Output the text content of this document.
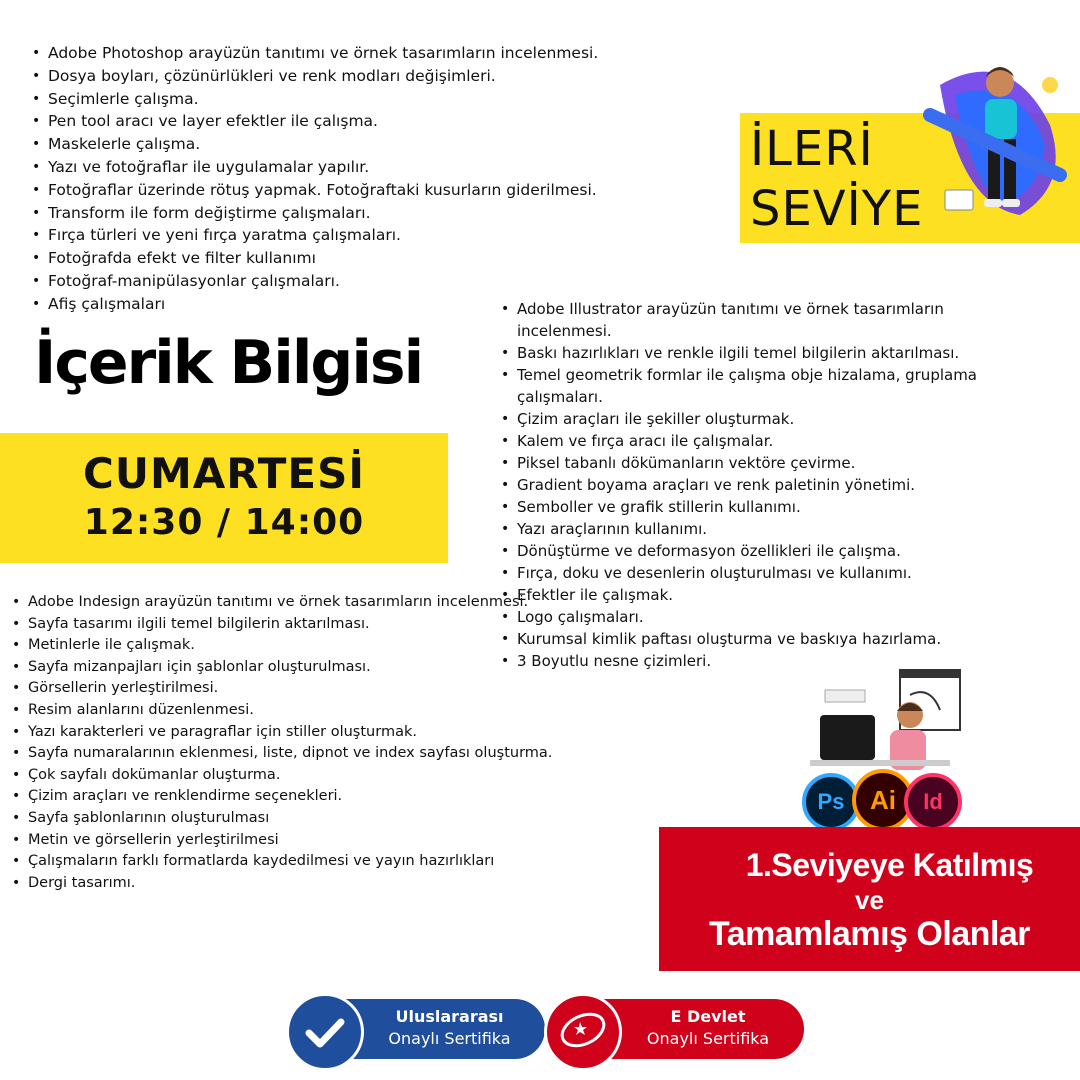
• Adobe Photoshop arayüzün tanıtımı ve örnek tasarımların incelenmesi.
• Dosya boyları, çözünürlükleri ve renk modları değişimleri.
• Seçimlerle çalışma.
• Pen tool aracı ve layer efektler ile çalışma.
• Maskelerle çalışma.
• Yazı ve fotoğraflar ile uygulamalar yapılır.
• Fotoğraflar üzerinde rötuş yapmak. Fotoğraftaki kusurların giderilmesi.
• Transform ile form değiştirme çalışmaları.
• Fırça türleri ve yeni fırça yaratma çalışmaları.
• Fotoğrafda efekt ve filter kullanımı
• Fotoğraf-manipülasyonlar çalışmaları.
• Afiş çalışmaları
İLERİ
SEVİYE
İçerik Bilgisi
CUMARTESİ
12:30 / 14:00
• Adobe Illustrator arayüzün tanıtımı ve örnek tasarımların incelenmesi.
• Baskı hazırlıkları ve renkle ilgili temel bilgilerin aktarılması.
• Temel geometrik formlar ile çalışma obje hizalama, gruplama çalışmaları.
• Çizim araçları ile şekiller oluşturmak.
• Kalem ve fırça aracı ile çalışmalar.
• Piksel tabanlı dökümanların vektöre çevirme.
• Gradient boyama araçları ve renk paletinin yönetimi.
• Semboller ve grafik stillerin kullanımı.
• Yazı araçlarının kullanımı.
• Dönüştürme ve deformasyon özellikleri ile çalışma.
• Fırça, doku ve desenlerin oluşturulması ve kullanımı.
• Efektler ile çalışmak.
• Logo çalışmaları.
• Kurumsal kimlik paftası oluşturma ve baskıya hazırlama.
• 3 Boyutlu nesne çizimleri.
• Adobe Indesign arayüzün tanıtımı ve örnek tasarımların incelenmesi.
• Sayfa tasarımı ilgili temel bilgilerin aktarılması.
• Metinlerle ile çalışmak.
• Sayfa mizanpajları için şablonlar oluşturulması.
• Görsellerin yerleştirilmesi.
• Resim alanlarını düzenlenmesi.
• Yazı karakterleri ve paragraflar için stiller oluşturmak.
• Sayfa numaralarının eklenmesi, liste, dipnot ve index sayfası oluşturma.
• Çok sayfalı dokümanlar oluşturma.
• Çizim araçları ve renklendirme seçenekleri.
• Sayfa şablonlarının oluşturulması
• Metin ve görsellerin yerleştirilmesi
• Çalışmaların farklı formatlarda kaydedilmesi ve yayın hazırlıkları
• Dergi tasarımı.
Ps Ai	Id
1.Seviyeye Katılmış
ve
Tamamlamış Olanlar
Uluslararası
Onaylı Sertifika
E Devlet
Onaylı Sertifika
